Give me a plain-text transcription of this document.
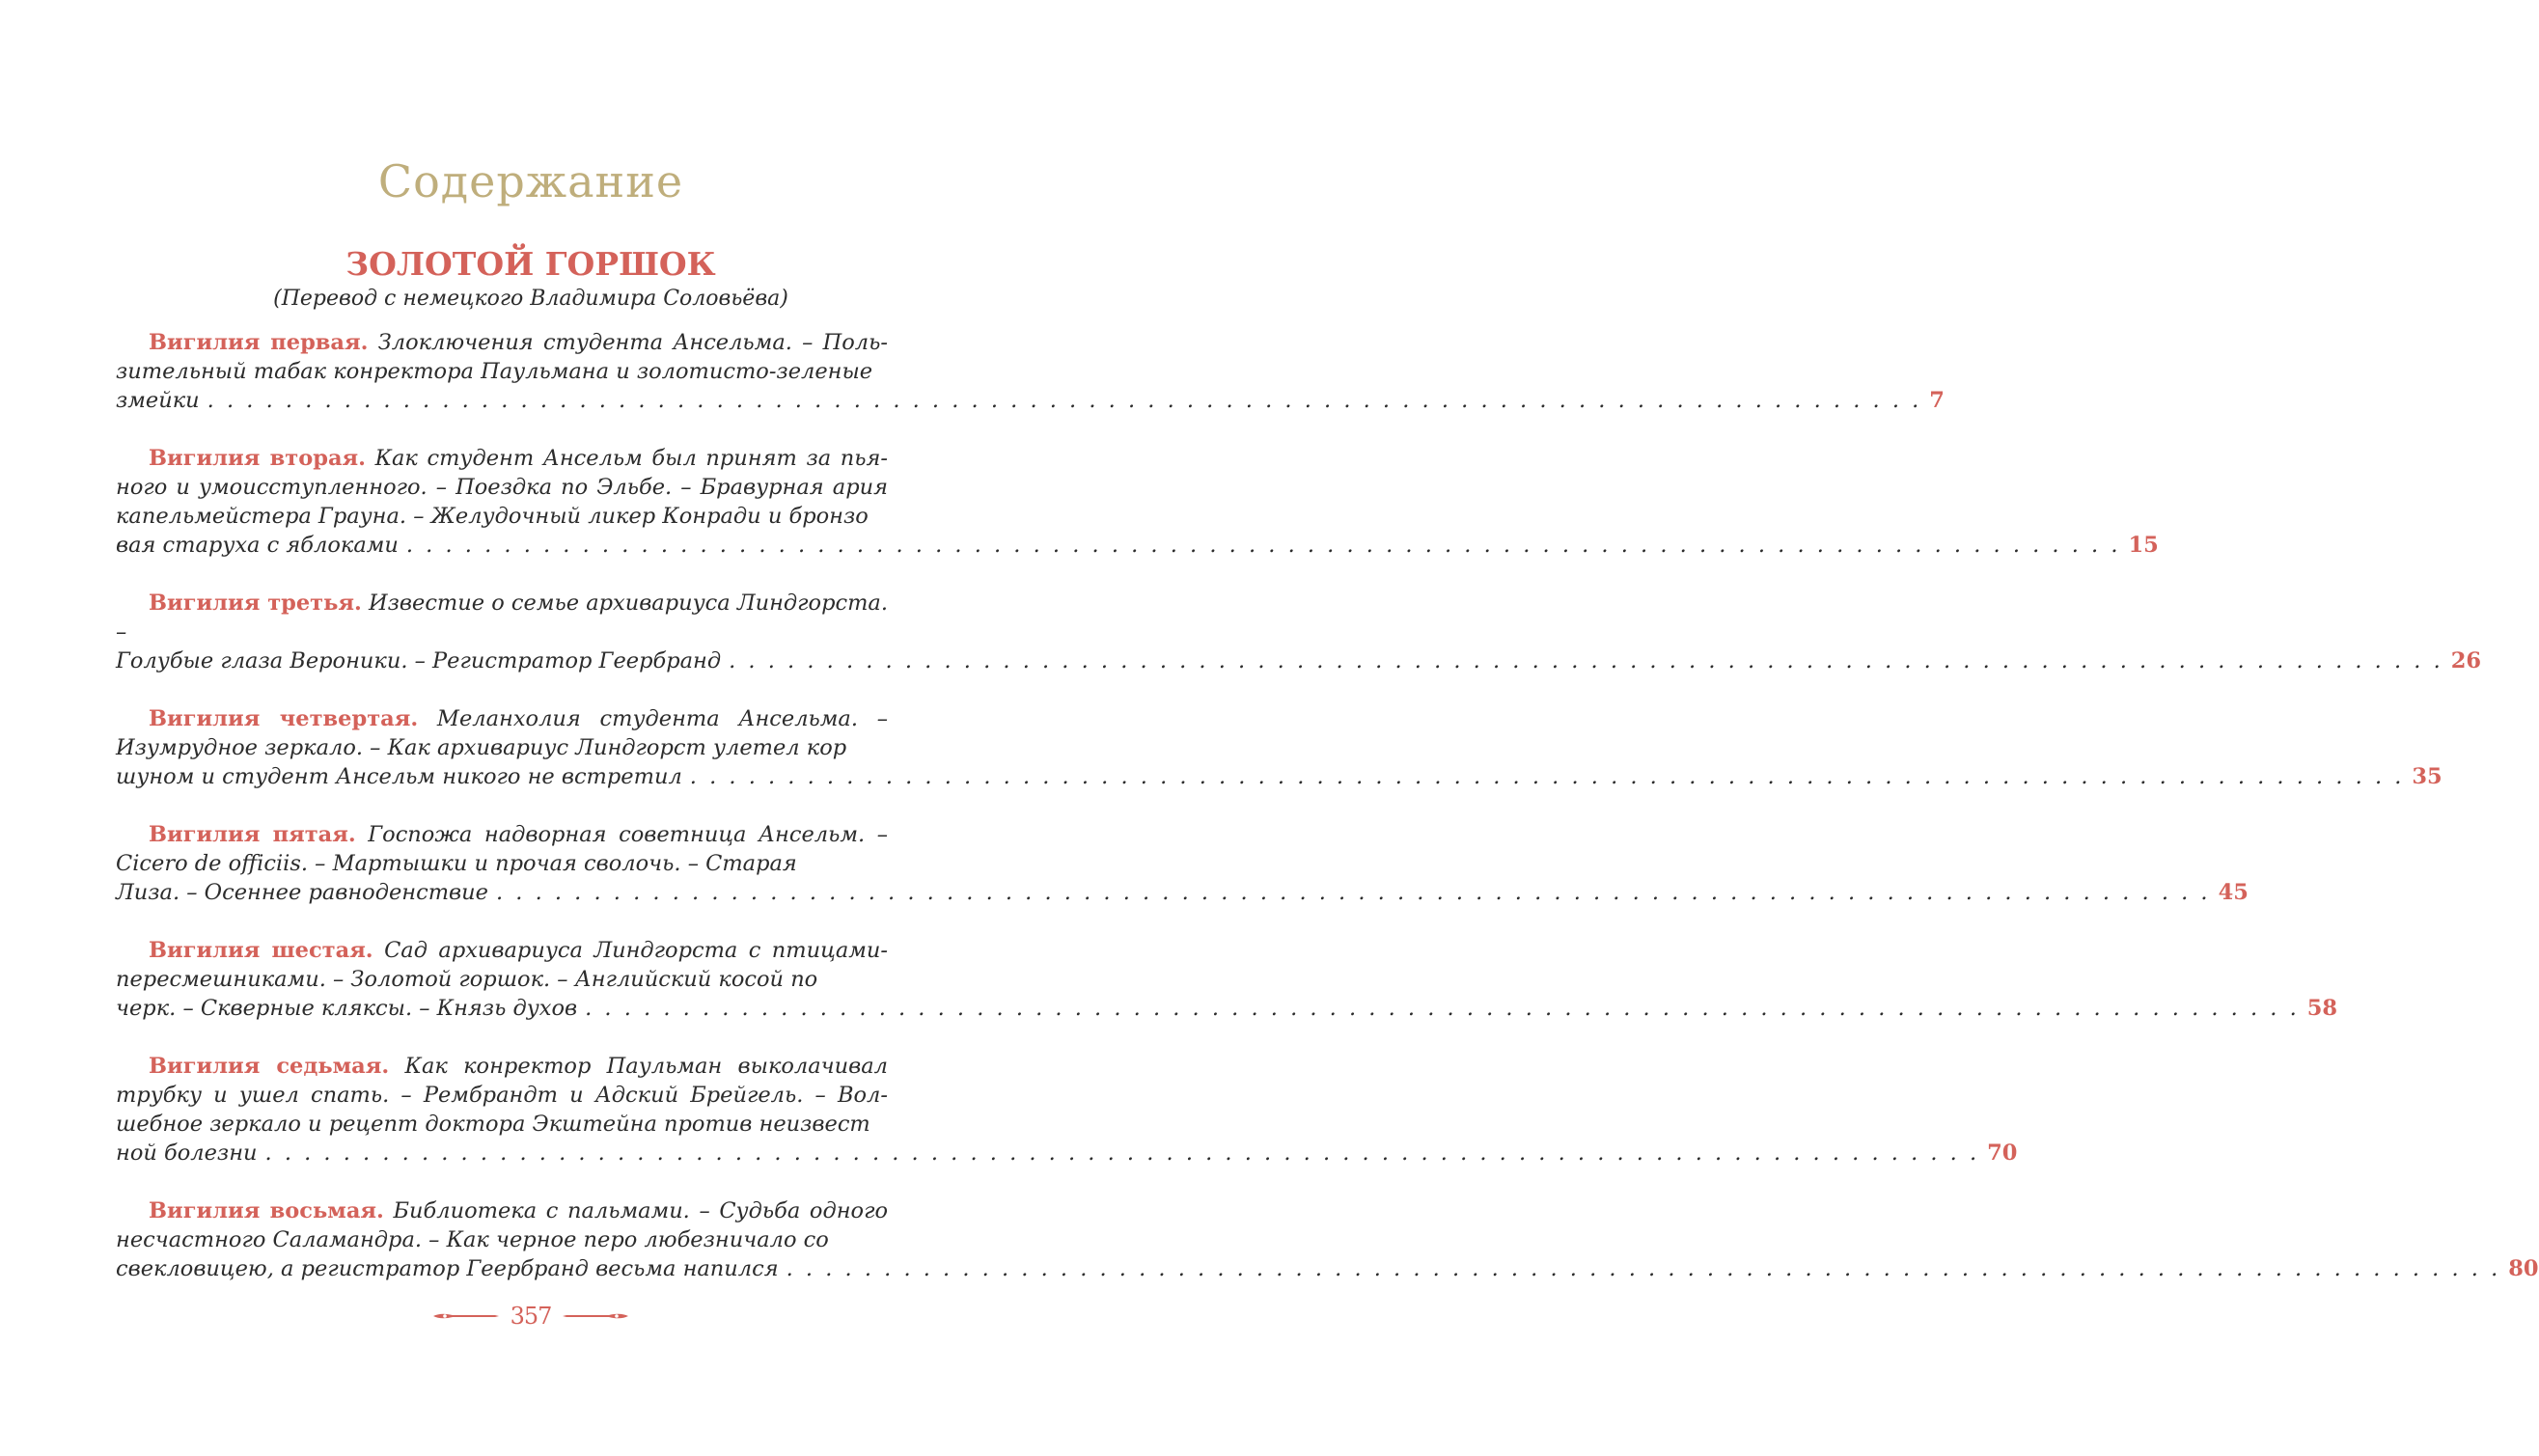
Содержание
ЗОЛОТОЙ ГОРШОК
(Перевод с немецкого Владимира Соловьёва)
Вигилия первая. Злоключения студента Ансельма. – Пользительный табак конректора Паульмана и золотисто-зеленые
змейки . . . . . . . . . . . . . . . . . . . . . . . . . . . . . . . . . . . . . . . . . . . . . . . . . . . . . . . . . . . . . . . . . . . . . . . . . . . . . . . . . . . . . . . . 7
Вигилия вторая. Как студент Ансельм был принят за пьяного и умоисступленного. – Поездка по Эльбе. – Бравурная ария капельмейстера Грауна. – Желудочный ликер Конради и бронзо
вая старуха с яблоками . . . . . . . . . . . . . . . . . . . . . . . . . . . . . . . . . . . . . . . . . . . . . . . . . . . . . . . . . . . . . . . . . . . . . . . . . . . . . . . . . . . . . . . . 15
Вигилия третья. Известие о семье архивариуса Линдгорста. –
Голубые глаза Вероники. – Регистратор Геербранд . . . . . . . . . . . . . . . . . . . . . . . . . . . . . . . . . . . . . . . . . . . . . . . . . . . . . . . . . . . . . . . . . . . . . . . . . . . . . . . . . . . . . . . . 26
Вигилия четвертая. Меланхолия студента Ансельма. – Изумрудное зеркало. – Как архивариус Линдгорст улетел кор
шуном и студент Ансельм никого не встретил . . . . . . . . . . . . . . . . . . . . . . . . . . . . . . . . . . . . . . . . . . . . . . . . . . . . . . . . . . . . . . . . . . . . . . . . . . . . . . . . . . . . . . . . 35
Вигилия пятая. Госпожа надворная советница Ансельм. – Cicero de officiis. – Мартышки и прочая сволочь. – Старая
Лиза. – Осеннее равноденствие . . . . . . . . . . . . . . . . . . . . . . . . . . . . . . . . . . . . . . . . . . . . . . . . . . . . . . . . . . . . . . . . . . . . . . . . . . . . . . . . . . . . . . . . 45
Вигилия шестая. Сад архивариуса Линдгорста с птицами-пересмешниками. – Золотой горшок. – Английский косой по
черк. – Скверные кляксы. – Князь духов . . . . . . . . . . . . . . . . . . . . . . . . . . . . . . . . . . . . . . . . . . . . . . . . . . . . . . . . . . . . . . . . . . . . . . . . . . . . . . . . . . . . . . . . 58
Вигилия седьмая. Как конректор Паульман выколачивал трубку и ушел спать. – Рембрандт и Адский Брейгель. – Волшебное зеркало и рецепт доктора Экштейна против неизвест
ной болезни . . . . . . . . . . . . . . . . . . . . . . . . . . . . . . . . . . . . . . . . . . . . . . . . . . . . . . . . . . . . . . . . . . . . . . . . . . . . . . . . . . . . . . . . 70
Вигилия восьмая. Библиотека с пальмами. – Судьба одного несчастного Саламандра. – Как черное перо любезничало со
свекловицею, а регистратор Геербранд весьма напился . . . . . . . . . . . . . . . . . . . . . . . . . . . . . . . . . . . . . . . . . . . . . . . . . . . . . . . . . . . . . . . . . . . . . . . . . . . . . . . . . . . . . . . . 80
357
